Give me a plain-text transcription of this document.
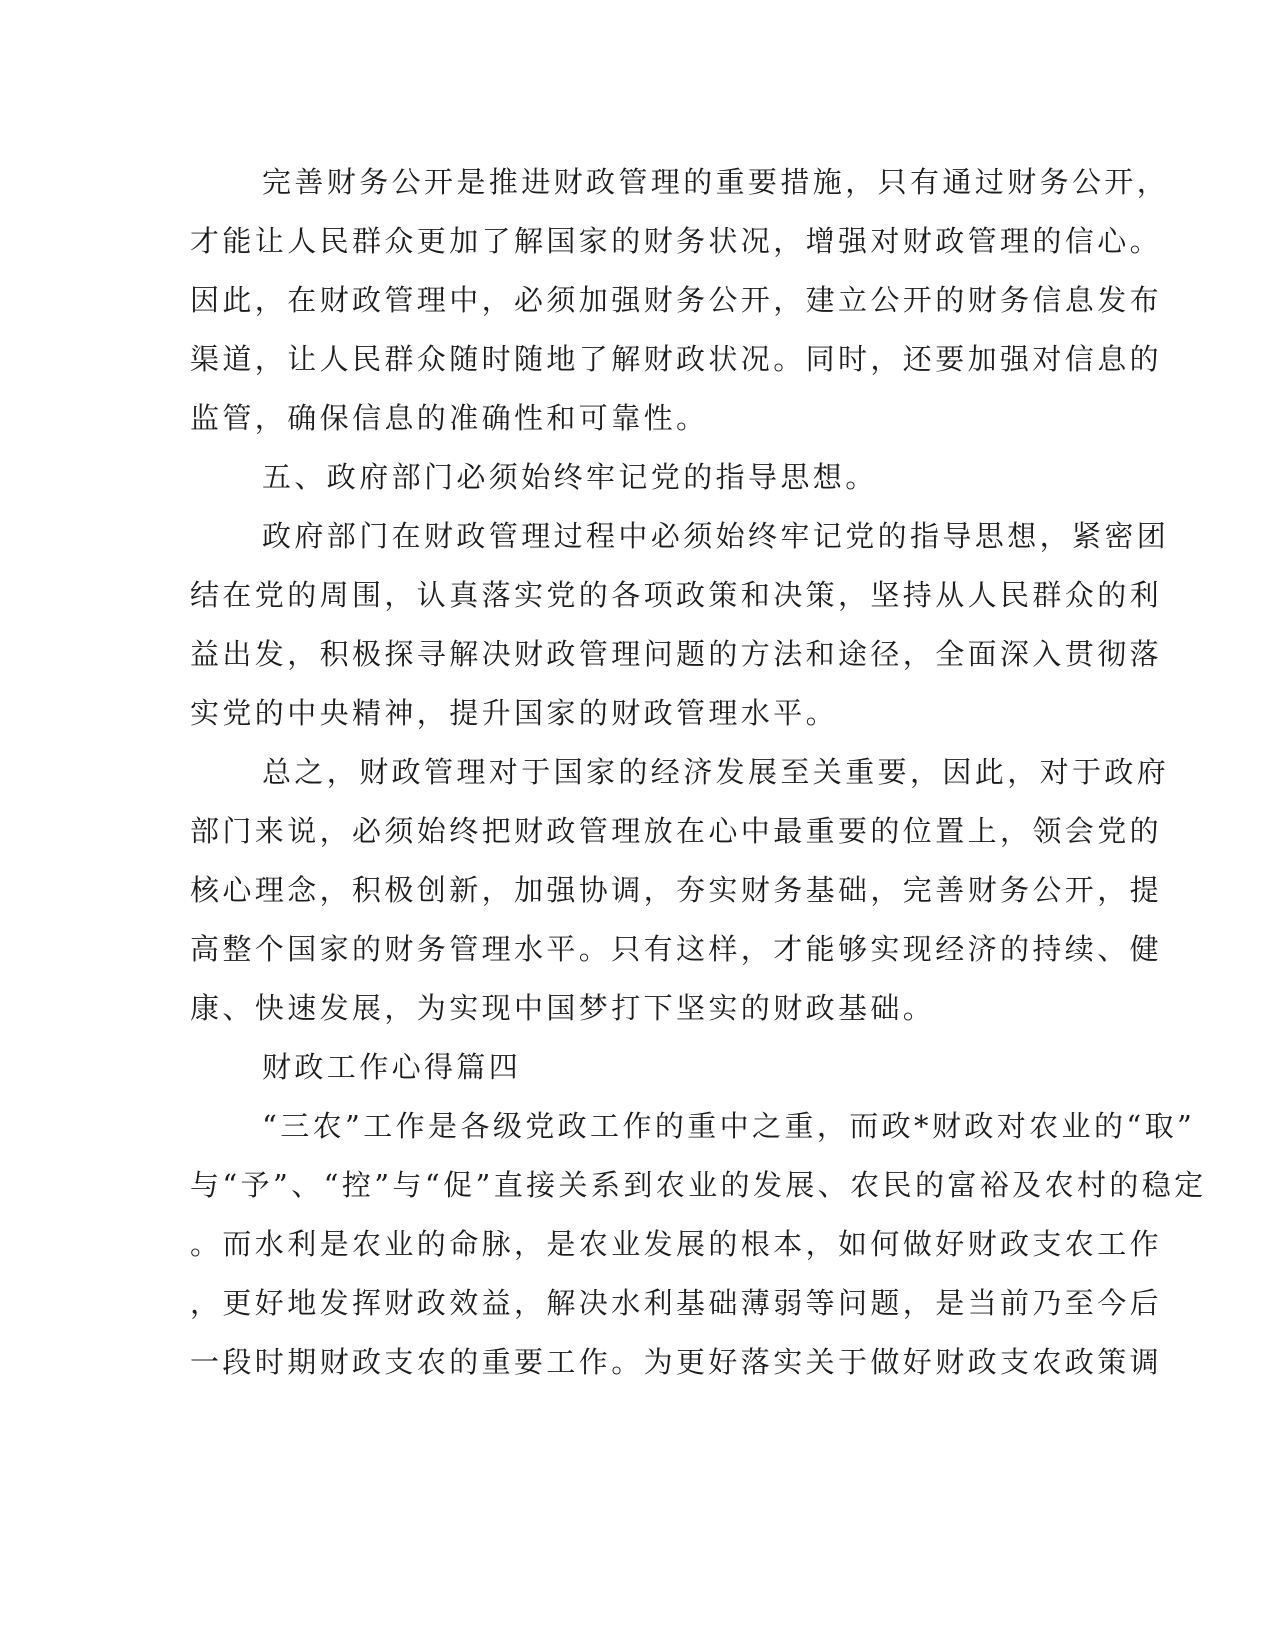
完善财务公开是推进财政管理的重要措施，只有通过财务公开，

才能让人民群众更加了解国家的财务状况，增强对财政管理的信心。

因此，在财政管理中，必须加强财务公开，建立公开的财务信息发布

渠道，让人民群众随时随地了解财政状况。同时，还要加强对信息的

监管，确保信息的准确性和可靠性。

五、政府部门必须始终牢记党的指导思想。

政府部门在财政管理过程中必须始终牢记党的指导思想，紧密团

结在党的周围，认真落实党的各项政策和决策，坚持从人民群众的利

益出发，积极探寻解决财政管理问题的方法和途径，全面深入贯彻落

实党的中央精神，提升国家的财政管理水平。

总之，财政管理对于国家的经济发展至关重要，因此，对于政府

部门来说，必须始终把财政管理放在心中最重要的位置上，领会党的

核心理念，积极创新，加强协调，夯实财务基础，完善财务公开，提

高整个国家的财务管理水平。只有这样，才能够实现经济的持续、健

康、快速发展，为实现中国梦打下坚实的财政基础。

财政工作心得篇四

“三农”工作是各级党政工作的重中之重，而政*财政对农业的“取”

与“予”、“控”与“促”直接关系到农业的发展、农民的富裕及农村的稳定

。而水利是农业的命脉，是农业发展的根本，如何做好财政支农工作

，更好地发挥财政效益，解决水利基础薄弱等问题，是当前乃至今后

一段时期财政支农的重要工作。为更好落实关于做好财政支农政策调
